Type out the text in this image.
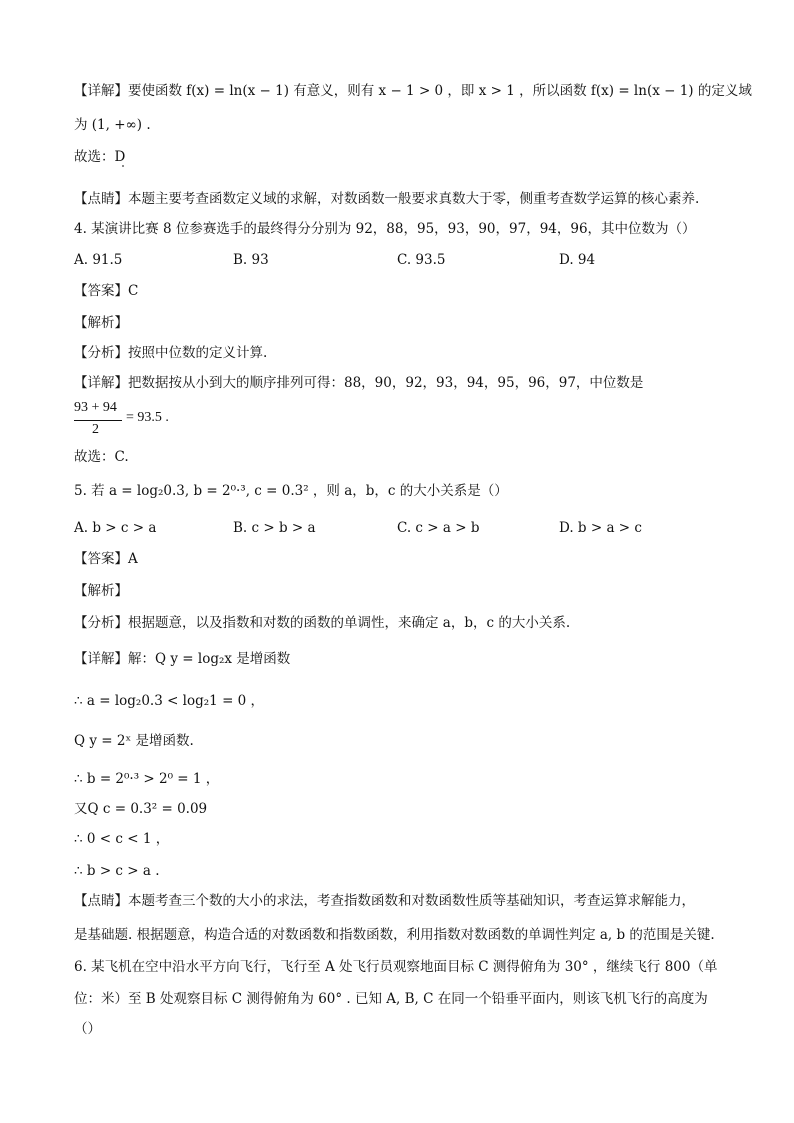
【详解】要使函数 f(x) = ln(x − 1) 有意义，则有 x − 1 > 0 ，即 x > 1 ，所以函数 f(x) = ln(x − 1) 的定义域
为 (1, +∞) .
故选：D
【点睛】本题主要考查函数定义域的求解，对数函数一般要求真数大于零，侧重考查数学运算的核心素养.
4. 某演讲比赛 8 位参赛选手的最终得分分别为 92，88，95，93，90，97，94，96，其中位数为（）
A. 91.5	B. 93	C. 93.5	D. 94
【答案】C
【解析】
【分析】按照中位数的定义计算.
【详解】把数据按从小到大的顺序排列可得：88，90，92，93，94，95，96，97，中位数是
93 + 94
2
= 93.5 .
故选：C.
5. 若 a = log₂0.3, b = 2⁰·³, c = 0.3² ，则 a，b，c 的大小关系是（）
A. b > c > a	B. c > b > a	C. c > a > b	D. b > a > c
【答案】A
【解析】
【分析】根据题意，以及指数和对数的函数的单调性，来确定 a，b，c 的大小关系.
【详解】解：Q y = log₂x 是增函数
∴ a = log₂0.3 < log₂1 = 0 ，
Q y = 2ˣ 是增函数.
∴ b = 2⁰·³ > 2⁰ = 1 ，
又Q c = 0.3² = 0.09
∴ 0 < c < 1 ，
∴ b > c > a .
【点睛】本题考查三个数的大小的求法，考查指数函数和对数函数性质等基础知识，考查运算求解能力，
是基础题. 根据题意，构造合适的对数函数和指数函数，利用指数对数函数的单调性判定 a, b 的范围是关键.
6. 某飞机在空中沿水平方向飞行，飞行至 A 处飞行员观察地面目标 C 测得俯角为 30° ，继续飞行 800（单
位：米）至 B 处观察目标 C 测得俯角为 60° . 已知 A, B, C 在同一个铅垂平面内，则该飞机飞行的高度为
（）
